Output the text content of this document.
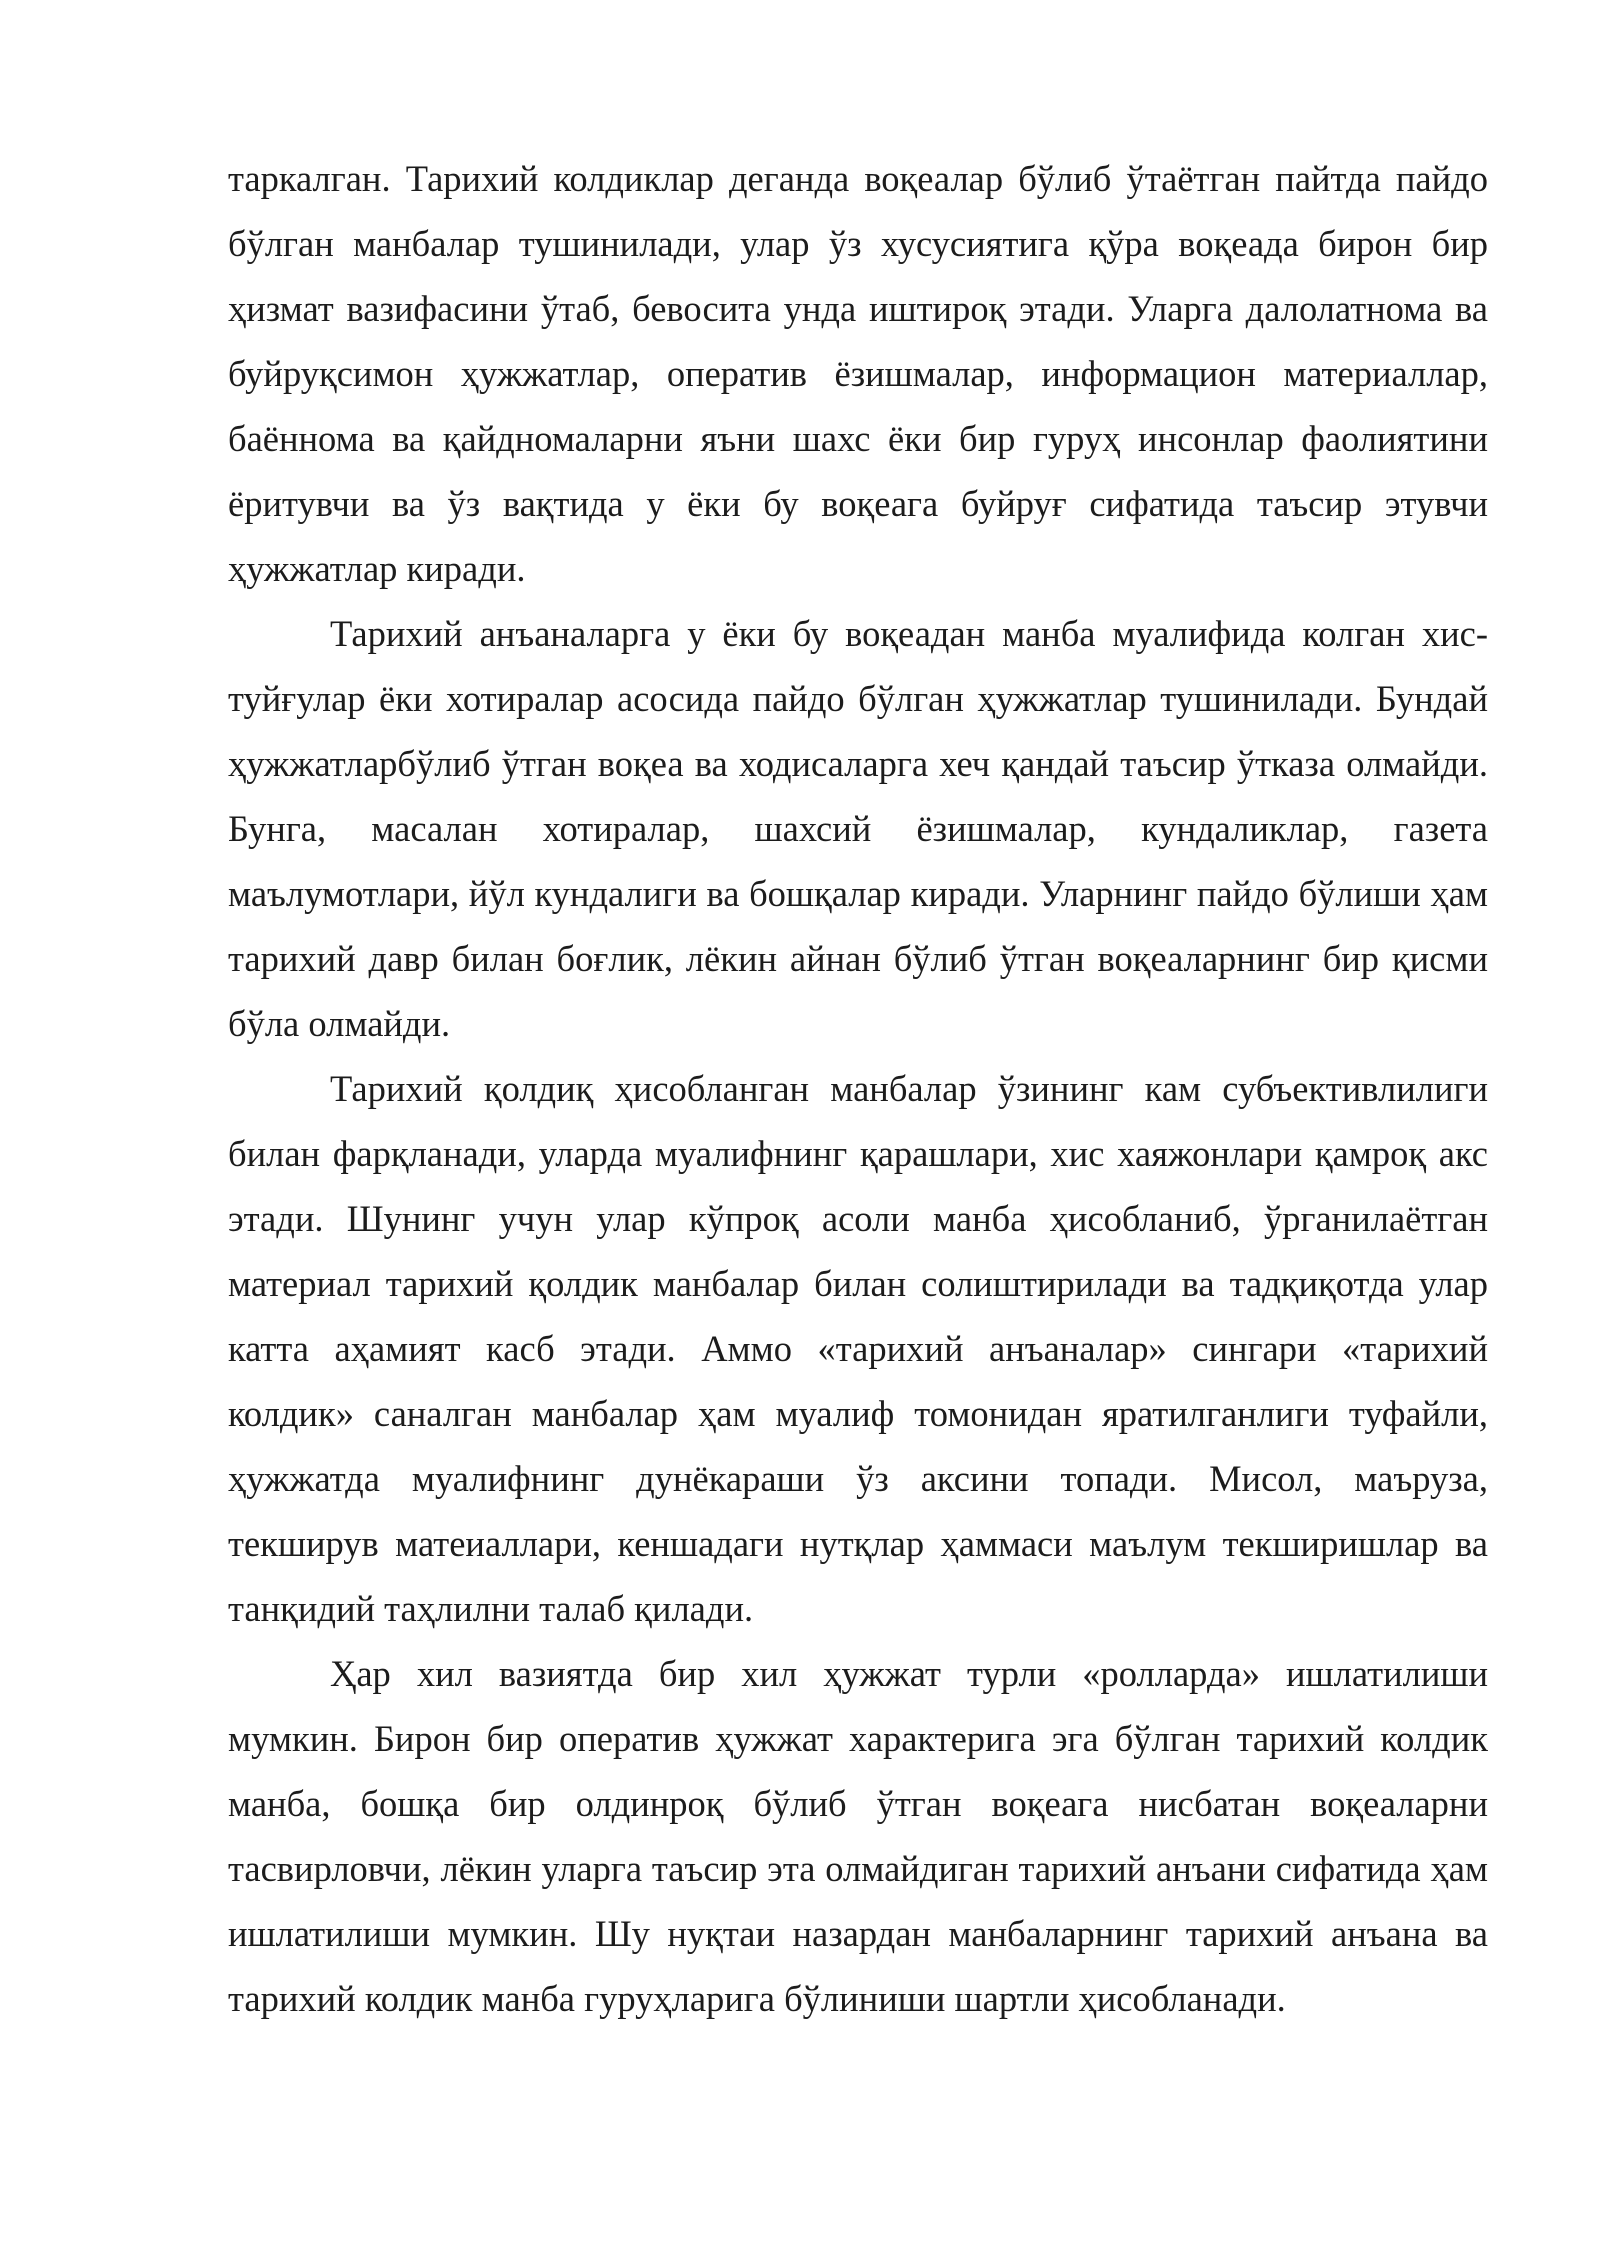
таркалган. Тарихий колдиклар деганда воқеалар бўлиб ўтаётган пайтда пайдо бўлган манбалар тушинилади, улар ўз хусусиятига қўра воқеада бирон бир ҳизмат вазифасини ўтаб, бевосита унда иштироқ этади. Уларга далолатнома ва буйруқсимон ҳужжатлар, оператив ёзишмалар, информацион материаллар, баённома ва қайдномаларни яъни шахс ёки бир гуруҳ инсонлар фаолиятини ёритувчи ва ўз вақтида у ёки бу воқеага буйруғ сифатида таъсир этувчи ҳужжатлар киради.

Тарихий анъаналарга у ёки бу воқеадан манба муалифида колган хис-туйғулар ёки хотиралар асосида пайдо бўлган ҳужжатлар тушинилади. Бундай ҳужжатларбўлиб ўтган воқеа ва ходисаларга хеч қандай таъсир ўтказа олмайди. Бунга, масалан хотиралар, шахсий ёзишмалар, кундаликлар, газета маълумотлари, йўл кундалиги ва бошқалар киради. Уларнинг пайдо бўлиши ҳам тарихий давр билан боғлик, лёкин айнан бўлиб ўтган воқеаларнинг бир қисми бўла олмайди.

Тарихий қолдиқ ҳисобланган манбалар ўзининг кам субъективлилиги билан фарқланади, уларда муалифнинг қарашлари, хис хаяжонлари қамроқ акс этади. Шунинг учун улар кўпроқ асоли манба ҳисобланиб, ўрганилаётган материал тарихий қолдик манбалар билан солиштирилади ва тадқиқотда улар катта аҳамият касб этади. Аммо «тарихий анъаналар» сингари «тарихий колдик» саналган манбалар ҳам муалиф томонидан яратилганлиги туфайли, ҳужжатда муалифнинг дунёкараши ўз аксини топади. Мисол, маъруза, текширув матеиаллари, кеншадаги нутқлар ҳаммаси маълум текширишлар ва танқидий таҳлилни талаб қилади.

Ҳар хил вазиятда бир хил ҳужжат турли «ролларда» ишлатилиши мумкин. Бирон бир оператив ҳужжат характерига эга бўлган тарихий колдик манба, бошқа бир олдинроқ бўлиб ўтган воқеага нисбатан воқеаларни тасвирловчи, лёкин уларга таъсир эта олмайдиган тарихий анъани сифатида ҳам ишлатилиши мумкин. Шу нуқтаи назардан манбаларнинг тарихий анъана ва тарихий колдик манба гуруҳларига бўлиниши шартли ҳисобланади.
